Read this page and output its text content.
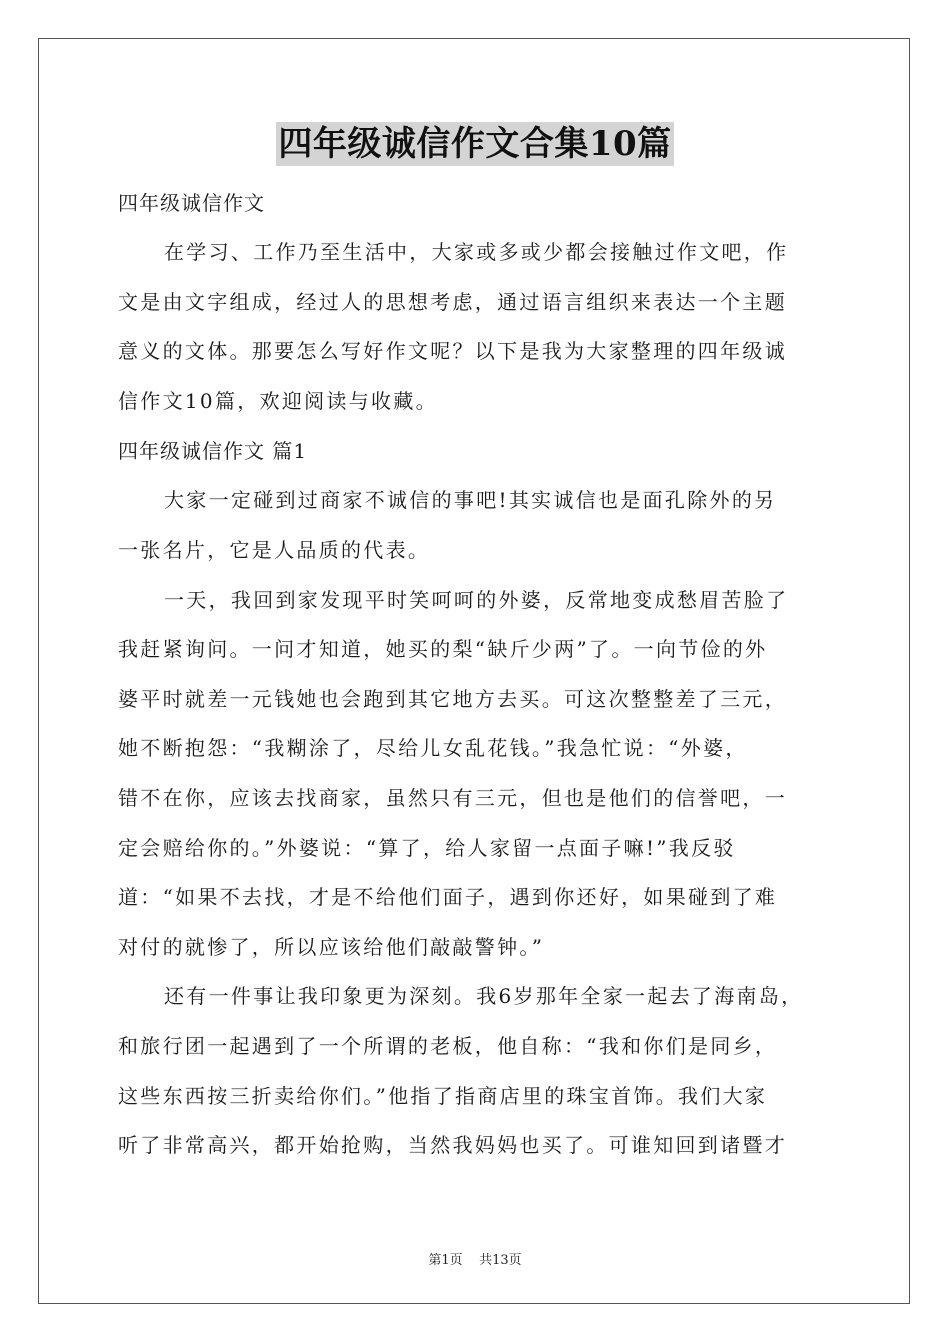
四年级诚信作文合集10篇
四年级诚信作文
在学习、工作乃至生活中，大家或多或少都会接触过作文吧，作
文是由文字组成，经过人的思想考虑，通过语言组织来表达一个主题
意义的文体。那要怎么写好作文呢？以下是我为大家整理的四年级诚
信作文10篇，欢迎阅读与收藏。
四年级诚信作文 篇1
大家一定碰到过商家不诚信的事吧!其实诚信也是面孔除外的另
一张名片，它是人品质的代表。
一天，我回到家发现平时笑呵呵的外婆，反常地变成愁眉苦脸了
我赶紧询问。一问才知道，她买的梨“缺斤少两”了。一向节俭的外
婆平时就差一元钱她也会跑到其它地方去买。可这次整整差了三元，
她不断抱怨：“我糊涂了，尽给儿女乱花钱。”我急忙说：“外婆，
错不在你，应该去找商家，虽然只有三元，但也是他们的信誉吧，一
定会赔给你的。”外婆说：“算了，给人家留一点面子嘛!”我反驳
道：“如果不去找，才是不给他们面子，遇到你还好，如果碰到了难
对付的就惨了，所以应该给他们敲敲警钟。”
还有一件事让我印象更为深刻。我6岁那年全家一起去了海南岛，
和旅行团一起遇到了一个所谓的老板，他自称：“我和你们是同乡，
这些东西按三折卖给你们。”他指了指商店里的珠宝首饰。我们大家
听了非常高兴，都开始抢购，当然我妈妈也买了。可谁知回到诸暨才
第1页    共13页
